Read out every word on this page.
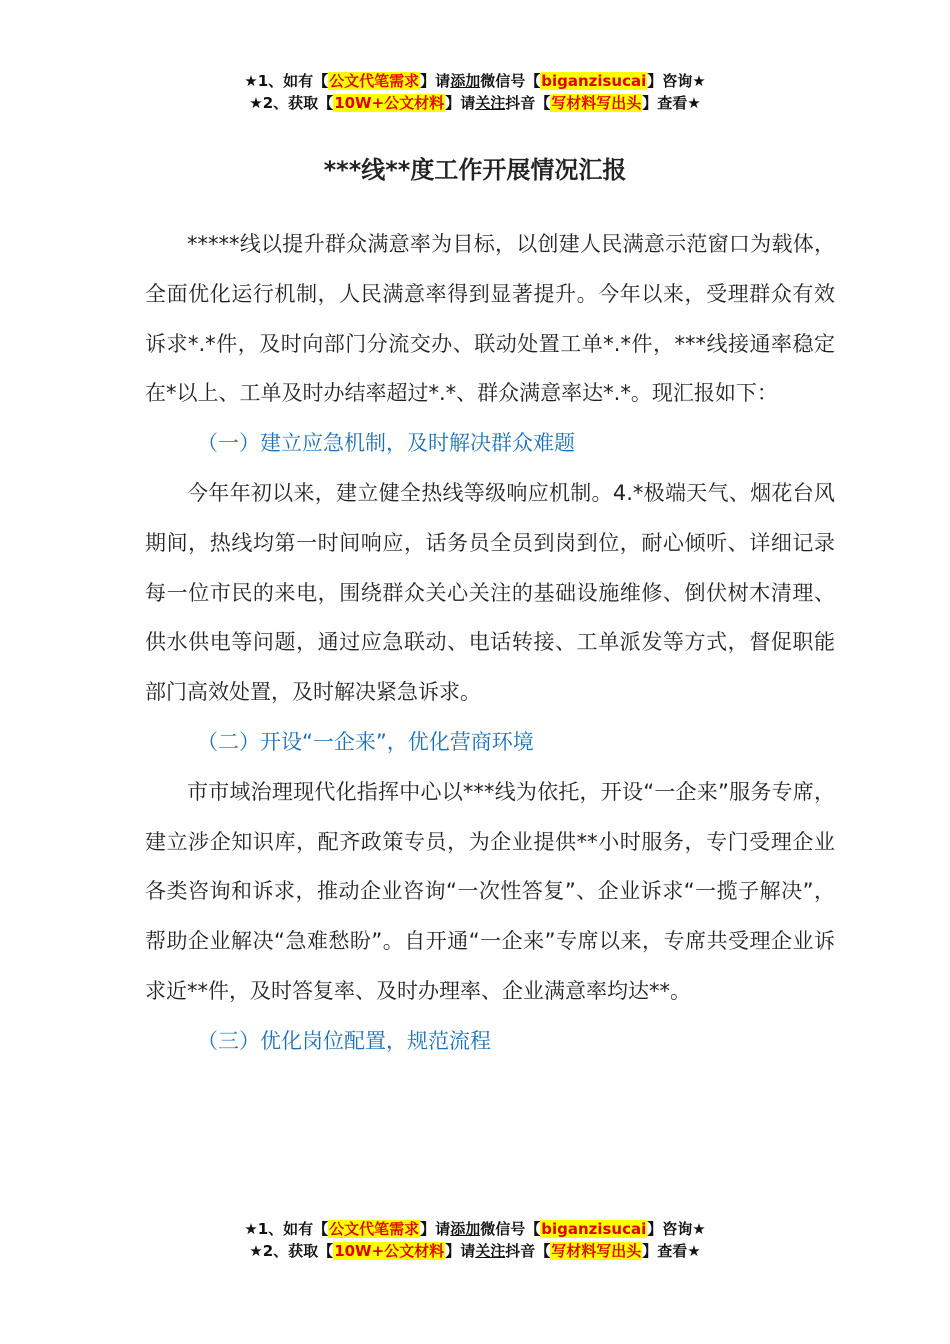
★1、如有【公文代笔需求】请添加微信号【biganzisucai】咨询★
★2、获取【10W+公文材料】请关注抖音【写材料写出头】查看★
***线**度工作开展情况汇报

*****线以提升群众满意率为目标，以创建人民满意示范窗口为载体，全面优化运行机制，人民满意率得到显著提升。今年以来，受理群众有效诉求*.*件，及时向部门分流交办、联动处置工单*.*件，***线接通率稳定在*以上、工单及时办结率超过*.*、群众满意率达*.*。现汇报如下：

（一）建立应急机制，及时解决群众难题

今年年初以来，建立健全热线等级响应机制。4.*极端天气、烟花台风期间，热线均第一时间响应，话务员全员到岗到位，耐心倾听、详细记录每一位市民的来电，围绕群众关心关注的基础设施维修、倒伏树木清理、供水供电等问题，通过应急联动、电话转接、工单派发等方式，督促职能部门高效处置，及时解决紧急诉求。

（二）开设“一企来”，优化营商环境

市市域治理现代化指挥中心以***线为依托，开设“一企来”服务专席，建立涉企知识库，配齐政策专员，为企业提供**小时服务，专门受理企业各类咨询和诉求，推动企业咨询“一次性答复”、企业诉求“一揽子解决”，帮助企业解决“急难愁盼”。自开通“一企来”专席以来，专席共受理企业诉求近**件，及时答复率、及时办理率、企业满意率均达**。

（三）优化岗位配置，规范流程

★1、如有【公文代笔需求】请添加微信号【biganzisucai】咨询★
★2、获取【10W+公文材料】请关注抖音【写材料写出头】查看★
